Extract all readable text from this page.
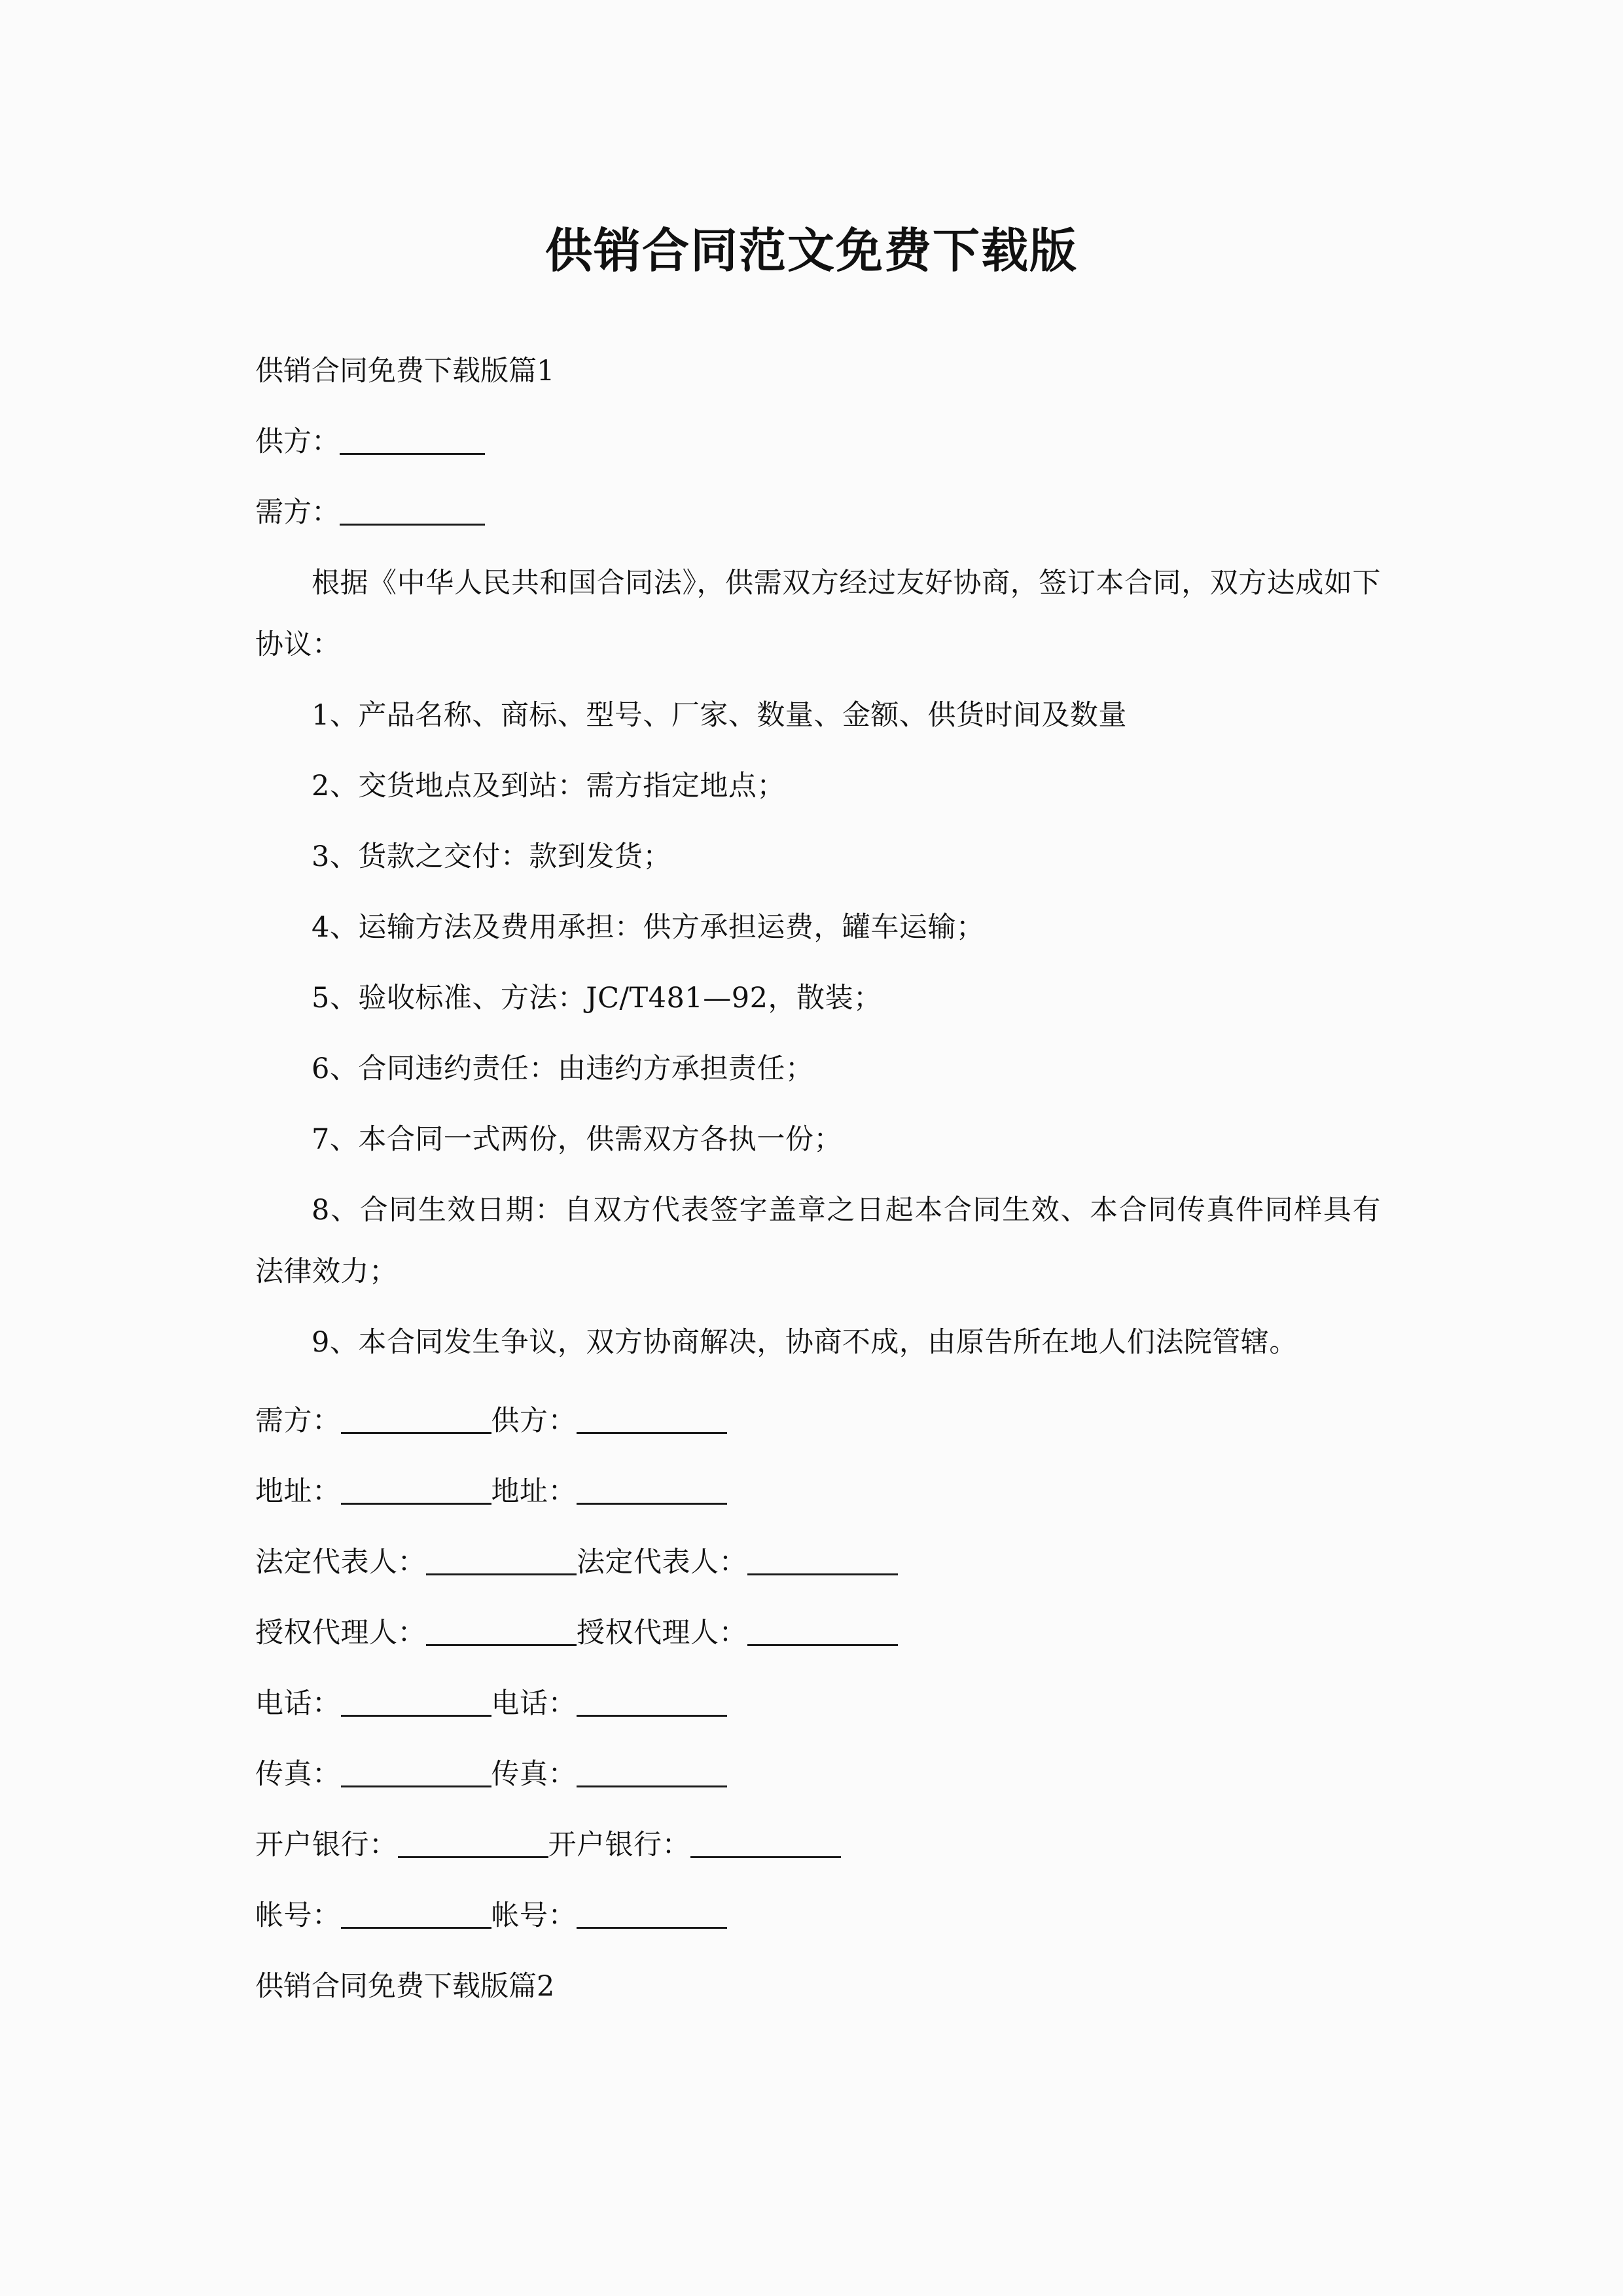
供销合同范文免费下载版

供销合同免费下载版篇1

供方：

需方：

根据《中华人民共和国合同法》，供需双方经过友好协商，签订本合同，双方达成如下协议：

1、产品名称、商标、型号、厂家、数量、金额、供货时间及数量

2、交货地点及到站：需方指定地点；

3、货款之交付：款到发货；

4、运输方法及费用承担：供方承担运费，罐车运输；

5、验收标准、方法：JC/T481—92，散装；

6、合同违约责任：由违约方承担责任；

7、本合同一式两份，供需双方各执一份；

8、合同生效日期：自双方代表签字盖章之日起本合同生效、本合同传真件同样具有法律效力；

9、本合同发生争议，双方协商解决，协商不成，由原告所在地人们法院管辖。

需方：	供方：

地址：	地址：

法定代表人：	法定代表人：

授权代理人：	授权代理人：

电话：	电话：

传真：	传真：

开户银行：	开户银行：

帐号：	帐号：

供销合同免费下载版篇2
